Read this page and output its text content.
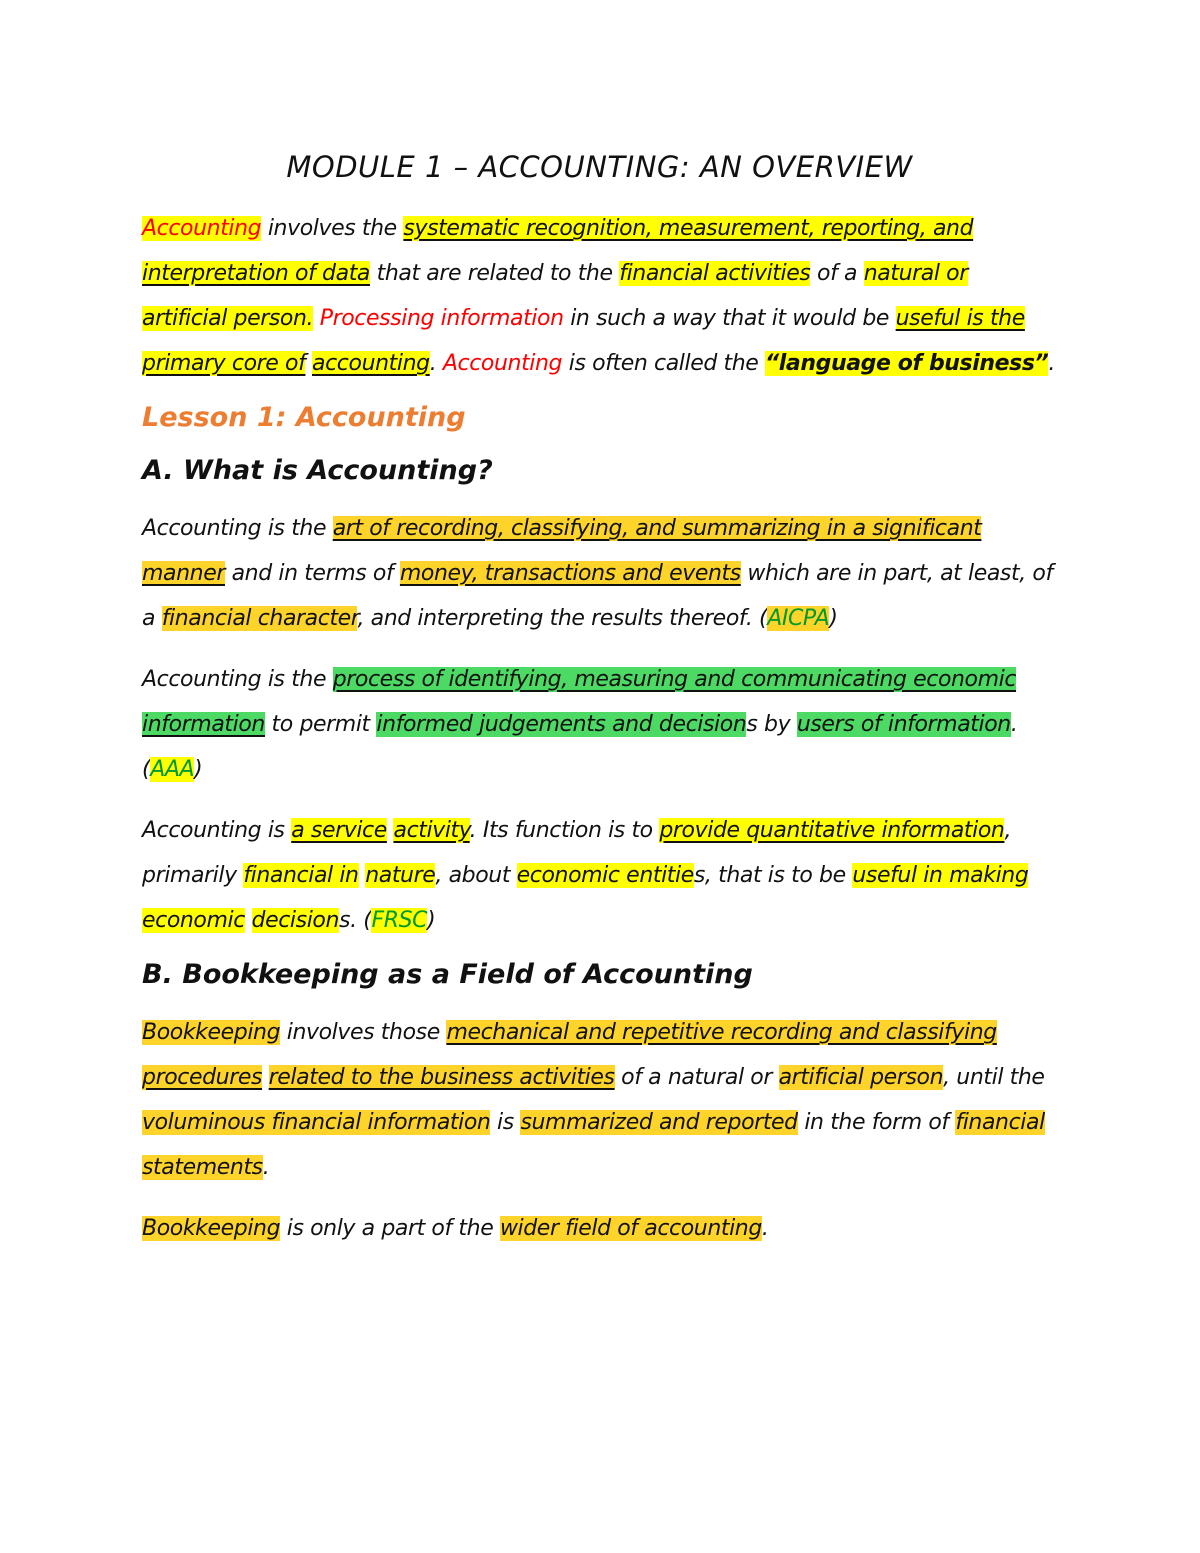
MODULE 1 – ACCOUNTING: AN OVERVIEW

Accounting involves the systematic recognition, measurement, reporting, and interpretation of data that are related to the financial activities of a natural or artificial person. Processing information in such a way that it would be useful is the primary core of accounting. Accounting is often called the “language of business”.

Lesson 1: Accounting
A. What is Accounting?

Accounting is the art of recording, classifying, and summarizing in a significant manner and in terms of money, transactions and events which are in part, at least, of a financial character, and interpreting the results thereof. (AICPA)

Accounting is the process of identifying, measuring and communicating economic information to permit informed judgements and decisions by users of information. (AAA)

Accounting is a service activity. Its function is to provide quantitative information, primarily financial in nature, about economic entities, that is to be useful in making economic decisions. (FRSC)

B. Bookkeeping as a Field of Accounting

Bookkeeping involves those mechanical and repetitive recording and classifying procedures related to the business activities of a natural or artificial person, until the voluminous financial information is summarized and reported in the form of financial statements.

Bookkeeping is only a part of the wider field of accounting.
